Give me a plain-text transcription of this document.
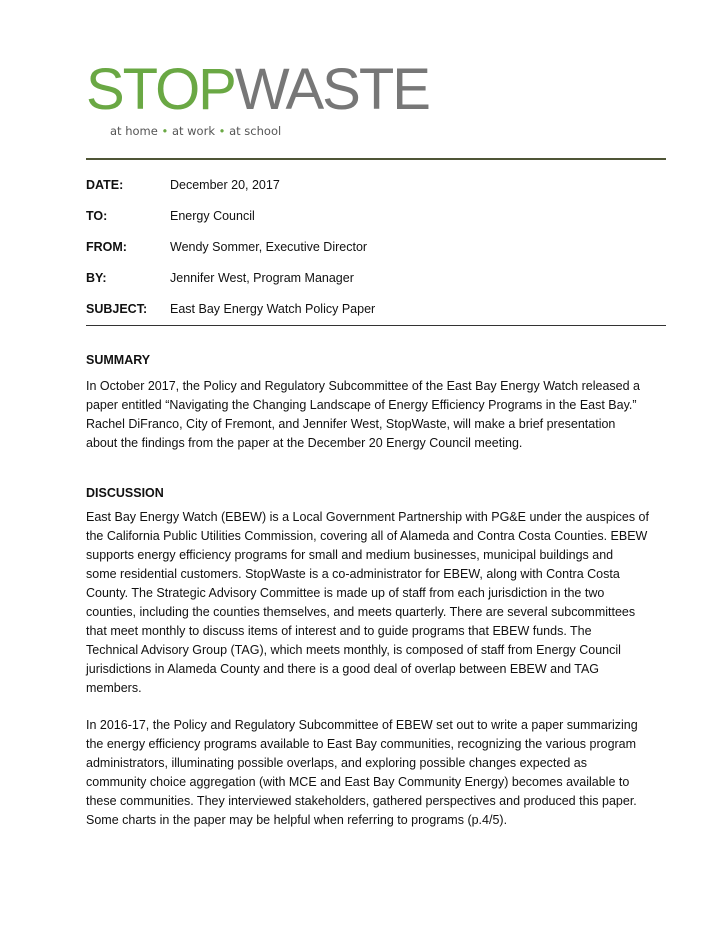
STOPWASTE
at home • at work • at school
DATE:	December 20, 2017
TO:	Energy Council
FROM:	Wendy Sommer, Executive Director
BY:	Jennifer West, Program Manager
SUBJECT: East Bay Energy Watch Policy Paper
SUMMARY
In October 2017, the Policy and Regulatory Subcommittee of the East Bay Energy Watch released a
paper entitled “Navigating the Changing Landscape of Energy Efficiency Programs in the East Bay.”
Rachel DiFranco, City of Fremont, and Jennifer West, StopWaste, will make a brief presentation
about the findings from the paper at the December 20 Energy Council meeting.
DISCUSSION
East Bay Energy Watch (EBEW) is a Local Government Partnership with PG&E under the auspices of
the California Public Utilities Commission, covering all of Alameda and Contra Costa Counties. EBEW
supports energy efficiency programs for small and medium businesses, municipal buildings and
some residential customers. StopWaste is a co-administrator for EBEW, along with Contra Costa
County. The Strategic Advisory Committee is made up of staff from each jurisdiction in the two
counties, including the counties themselves, and meets quarterly. There are several subcommittees
that meet monthly to discuss items of interest and to guide programs that EBEW funds. The
Technical Advisory Group (TAG), which meets monthly, is composed of staff from Energy Council
jurisdictions in Alameda County and there is a good deal of overlap between EBEW and TAG
members.
In 2016-17, the Policy and Regulatory Subcommittee of EBEW set out to write a paper summarizing
the energy efficiency programs available to East Bay communities, recognizing the various program
administrators, illuminating possible overlaps, and exploring possible changes expected as
community choice aggregation (with MCE and East Bay Community Energy) becomes available to
these communities. They interviewed stakeholders, gathered perspectives and produced this paper.
Some charts in the paper may be helpful when referring to programs (p.4/5).
